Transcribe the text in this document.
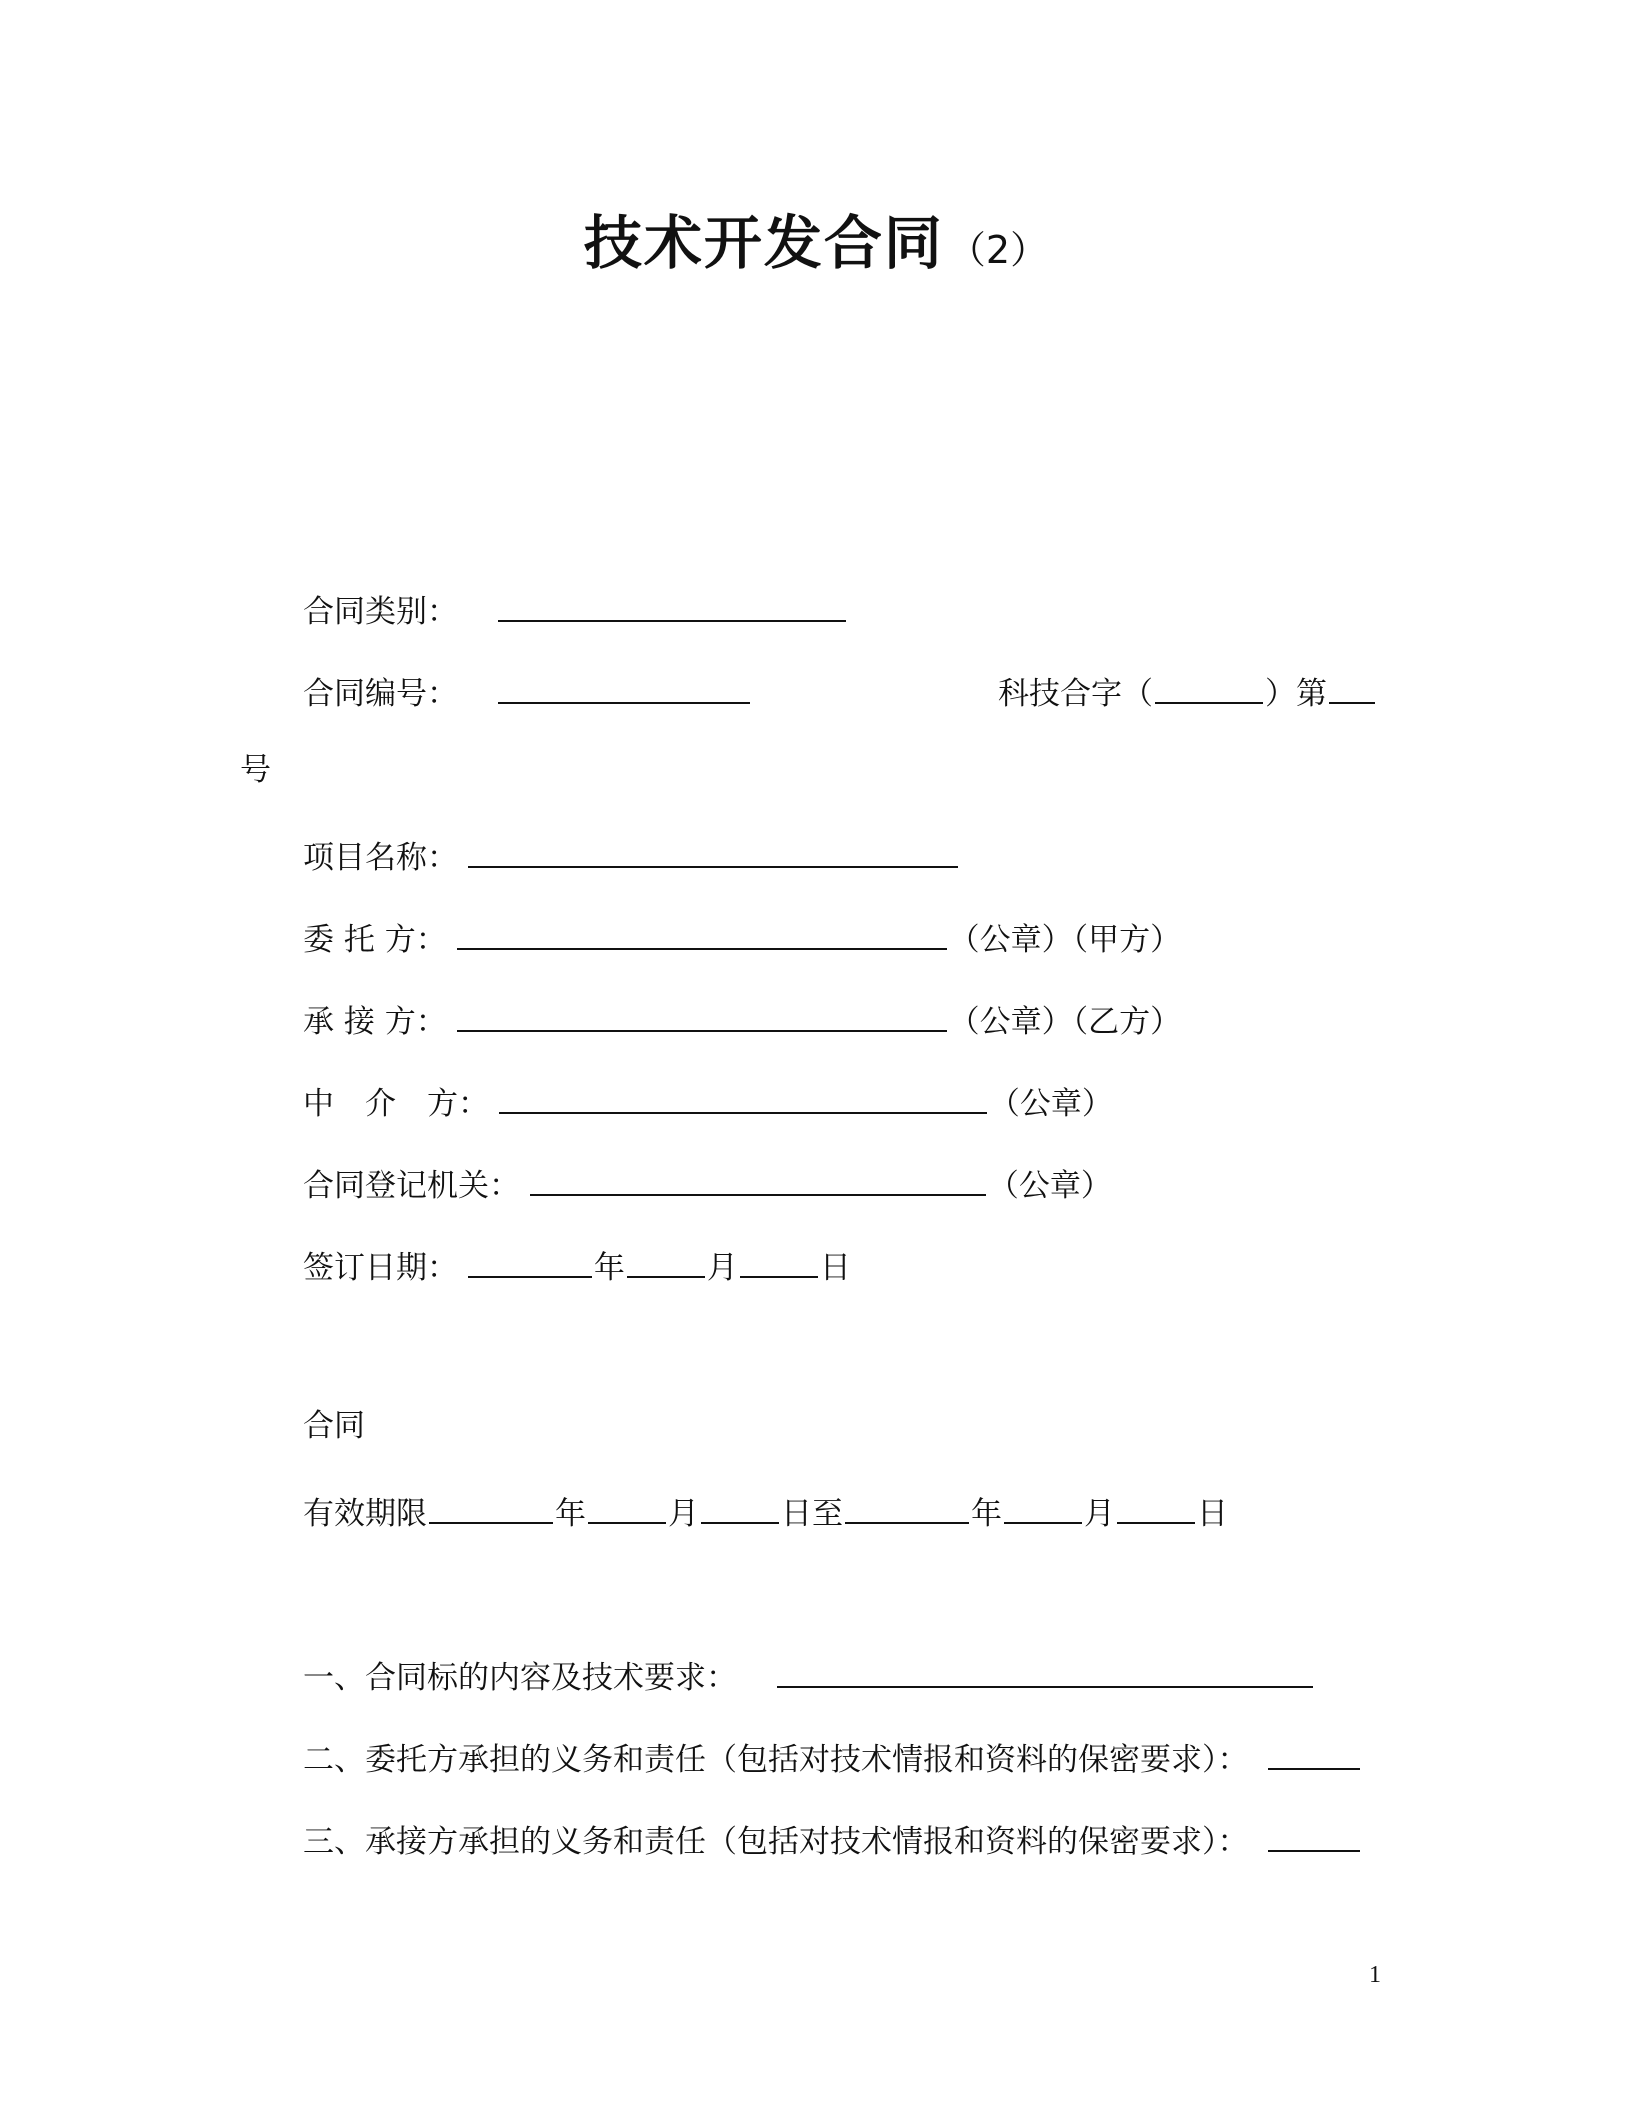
技术开发合同 （2）
合同类别：
合同编号：	科技合字（	）第
号
项目名称：
委 托 方：	（公章）（甲方）
承 接 方：	（公章）（乙方）
中　介　方：	（公章）
合同登记机关：	（公章）
签订日期：	年	月	日
合同
有效期限	年	月	日至	年	月	日
一、合同标的内容及技术要求：
二、委托方承担的义务和责任（包括对技术情报和资料的保密要求）：
三、承接方承担的义务和责任（包括对技术情报和资料的保密要求）：
1
